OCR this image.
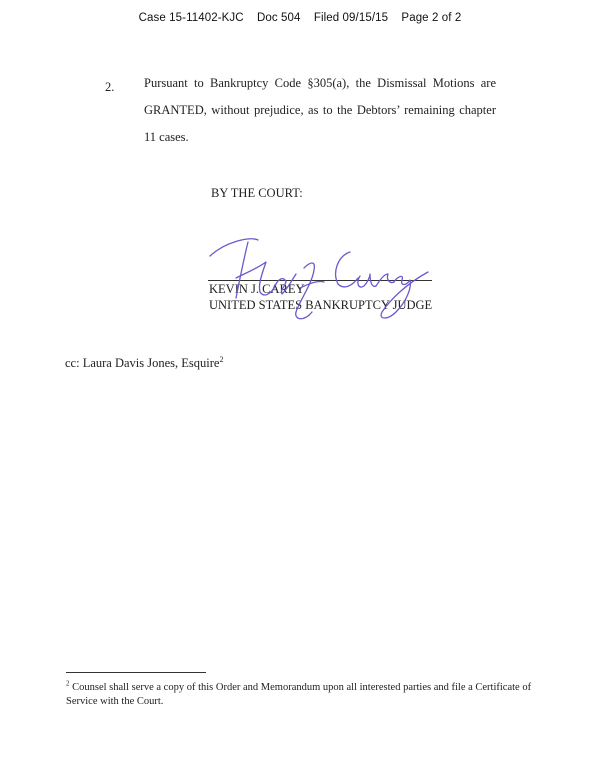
Case 15-11402-KJC Doc 504 Filed 09/15/15 Page 2 of 2
2. Pursuant to Bankruptcy Code §305(a), the Dismissal Motions are GRANTED, without prejudice, as to the Debtors’ remaining chapter 11 cases.
BY THE COURT:
KEVIN J. CAREY
UNITED STATES BANKRUPTCY JUDGE
cc: Laura Davis Jones, Esquire$^2$
$^2$ Counsel shall serve a copy of this Order and Memorandum upon all interested parties and file a Certificate of Service with the Court.
